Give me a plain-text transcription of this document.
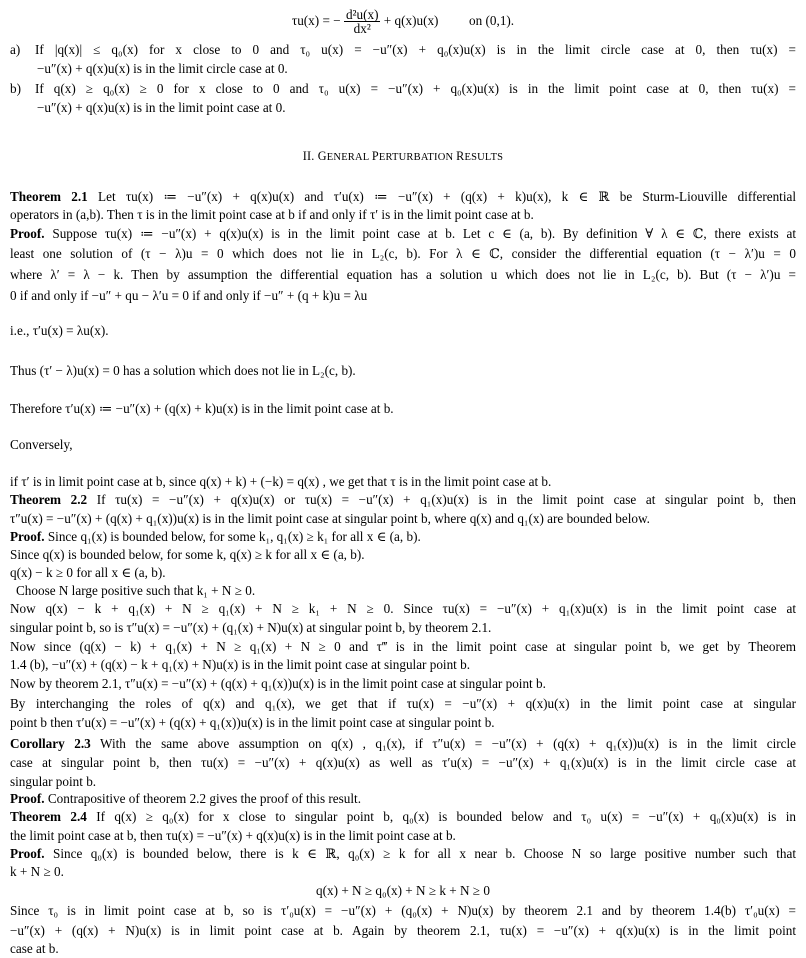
τu(x) = − $\frac{\text{d²u(x)}}{\text{dx²}} + q(x)u(x)$ on (0,1).
a) If |q(x)| ≤ q₀(x) for x close to 0 and τ₀ u(x) = −u″(x) + q₀(x)u(x) is in the limit circle case at 0, then τu(x) =
−u″(x) + q(x)u(x) is in the limit circle case at 0.
b) If q(x) ≥ q₀(x) ≥ 0 for x close to 0 and τ₀ u(x) = −u″(x) + q₀(x)u(x) is in the limit point case at 0, then τu(x) =
−u″(x) + q(x)u(x) is in the limit point case at 0.
II. GENERAL PERTURBATION RESULTS
Theorem 2.1 Let τu(x) ≔ −u″(x) + q(x)u(x) and τ′u(x) ≔ −u″(x) + (q(x) + k)u(x), k ∈ ℝ be Sturm-Liouville differential
operators in (a,b). Then τ is in the limit point case at b if and only if τ′ is in the limit point case at b.
Proof. Suppose τu(x) ≔ −u″(x) + q(x)u(x) is in the limit point case at b. Let c ∈ (a, b). By definition ∀ λ ∈ ℂ, there exists at
least one solution of (τ − λ)u = 0 which does not lie in L₂(c, b). For λ ∈ ℂ, consider the differential equation (τ − λ′)u = 0
where λ′ = λ − k. Then by assumption the differential equation has a solution u which does not lie in L₂(c, b). But (τ − λ′)u =
0 if and only if −u″ + qu − λ′u = 0 if and only if −u″ + (q + k)u = λu
i.e., τ′u(x) = λu(x).
Thus (τ′ − λ)u(x) = 0 has a solution which does not lie in L₂(c, b).
Therefore τ′u(x) ≔ −u″(x) + (q(x) + k)u(x) is in the limit point case at b.
Conversely,
if τ′ is in limit point case at b, since q(x) + k) + (−k) = q(x) , we get that τ is in the limit point case at b.
Theorem 2.2 If τu(x) = −u″(x) + q(x)u(x) or τu(x) = −u″(x) + q₁(x)u(x) is in the limit point case at singular point b, then
τ″u(x) = −u″(x) + (q(x) + q₁(x))u(x) is in the limit point case at singular point b, where q(x) and q₁(x) are bounded below.
Proof. Since q₁(x) is bounded below, for some k₁, q₁(x) ≥ k₁ for all x ∈ (a, b).
Since q(x) is bounded below, for some k, q(x) ≥ k for all x ∈ (a, b).
q(x) − k ≥ 0 for all x ∈ (a, b).
Choose N large positive such that k₁ + N ≥ 0.
Now q(x) − k + q₁(x) + N ≥ q₁(x) + N ≥ k₁ + N ≥ 0. Since τu(x) = −u″(x) + q₁(x)u(x) is in the limit point case at
singular point b, so is τ″u(x) = −u″(x) + (q₁(x) + N)u(x) at singular point b, by theorem 2.1.
Now since (q(x) − k) + q₁(x) + N ≥ q₁(x) + N ≥ 0 and τ‴ is in the limit point case at singular point b, we get by Theorem
1.4 (b), −u″(x) + (q(x) − k + q₁(x) + N)u(x) is in the limit point case at singular point b.
Now by theorem 2.1, τ″u(x) = −u″(x) + (q(x) + q₁(x))u(x) is in the limit point case at singular point b.
By interchanging the roles of q(x) and q₁(x), we get that if τu(x) = −u″(x) + q(x)u(x) in the limit point case at singular
point b then τ′u(x) = −u″(x) + (q(x) + q₁(x))u(x) is in the limit point case at singular point b.
Corollary 2.3 With the same above assumption on q(x) , q₁(x), if τ″u(x) = −u″(x) + (q(x) + q₁(x))u(x) is in the limit circle
case at singular point b, then τu(x) = −u″(x) + q(x)u(x) as well as τ′u(x) = −u″(x) + q₁(x)u(x) is in the limit circle case at
singular point b.
Proof. Contrapositive of theorem 2.2 gives the proof of this result.
Theorem 2.4 If q(x) ≥ q₀(x) for x close to singular point b, q₀(x) is bounded below and τ₀ u(x) = −u″(x) + q₀(x)u(x) is in
the limit point case at b, then τu(x) = −u″(x) + q(x)u(x) is in the limit point case at b.
Proof. Since q₀(x) is bounded below, there is k ∈ ℝ, q₀(x) ≥ k for all x near b. Choose N so large positive number such that
k + N ≥ 0.
q(x) + N ≥ q₀(x) + N ≥ k + N ≥ 0
Since τ₀ is in limit point case at b, so is τ′₀u(x) = −u″(x) + (q₀(x) + N)u(x) by theorem 2.1 and by theorem 1.4(b) τ′₀u(x) =
−u″(x) + (q(x) + N)u(x) is in limit point case at b. Again by theorem 2.1, τu(x) = −u″(x) + q(x)u(x) is in the limit point
case at b.
